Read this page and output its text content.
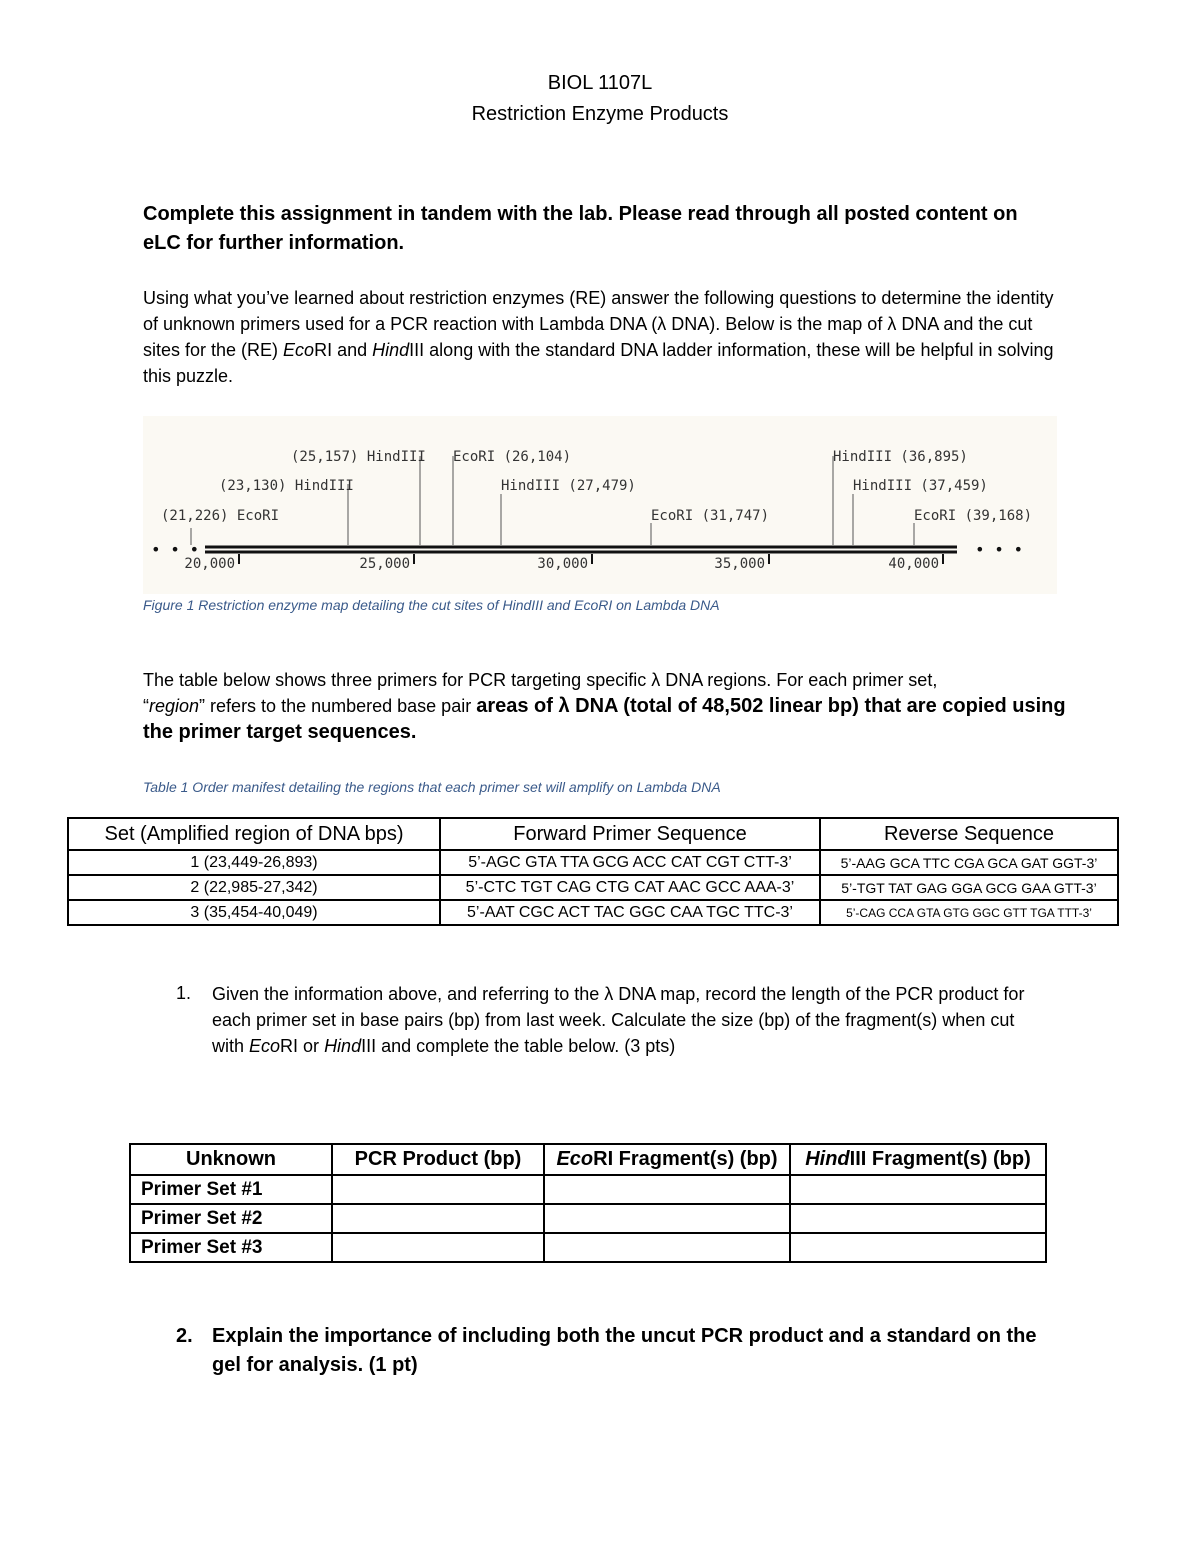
BIOL 1107L
Restriction Enzyme Products
Complete this assignment in tandem with the lab. Please read through all posted content on eLC for further information.
Using what you’ve learned about restriction enzymes (RE) answer the following questions to determine the identity of unknown primers used for a PCR reaction with Lambda DNA (λ DNA). Below is the map of λ DNA and the cut sites for the (RE) EcoRI and HindIII along with the standard DNA ladder information, these will be helpful in solving this puzzle.
(21,226) EcoRI
(23,130) HindIII
(25,157) HindIII EcoRI (26,104)
HindIII (27,479)
EcoRI (31,747)
HindIII (36,895)
HindIII (37,459)
EcoRI (39,168)
20,000	25,000	30,000	35,000	40,000
• • •	• • •
Figure 1 Restriction enzyme map detailing the cut sites of HindIII and EcoRI on Lambda DNA
The table below shows three primers for PCR targeting specific λ DNA regions. For each primer set,
“region” refers to the numbered base pair areas of λ DNA (total of 48,502 linear bp) that are copied using the primer target sequences.
Table 1 Order manifest detailing the regions that each primer set will amplify on Lambda DNA
Set (Amplified region of DNA bps)	Forward Primer Sequence	Reverse Sequence
1 (23,449-26,893)	5’-AGC GTA TTA GCG ACC CAT CGT CTT-3’	5’-AAG GCA TTC CGA GCA GAT GGT-3’
2 (22,985-27,342)	5’-CTC TGT CAG CTG CAT AAC GCC AAA-3’	5’-TGT TAT GAG GGA GCG GAA GTT-3’
3 (35,454-40,049)	5’-AAT CGC ACT TAC GGC CAA TGC TTC-3’	5’-CAG CCA GTA GTG GGC GTT TGA TTT-3’
1. Given the information above, and referring to the λ DNA map, record the length of the PCR product for each primer set in base pairs (bp) from last week. Calculate the size (bp) of the fragment(s) when cut with EcoRI or HindIII and complete the table below. (3 pts)
Unknown	PCR Product (bp)	EcoRI Fragment(s) (bp)	HindIII Fragment(s) (bp)
Primer Set #1			
Primer Set #2			
Primer Set #3			
2. Explain the importance of including both the uncut PCR product and a standard on the gel for analysis. (1 pt)
